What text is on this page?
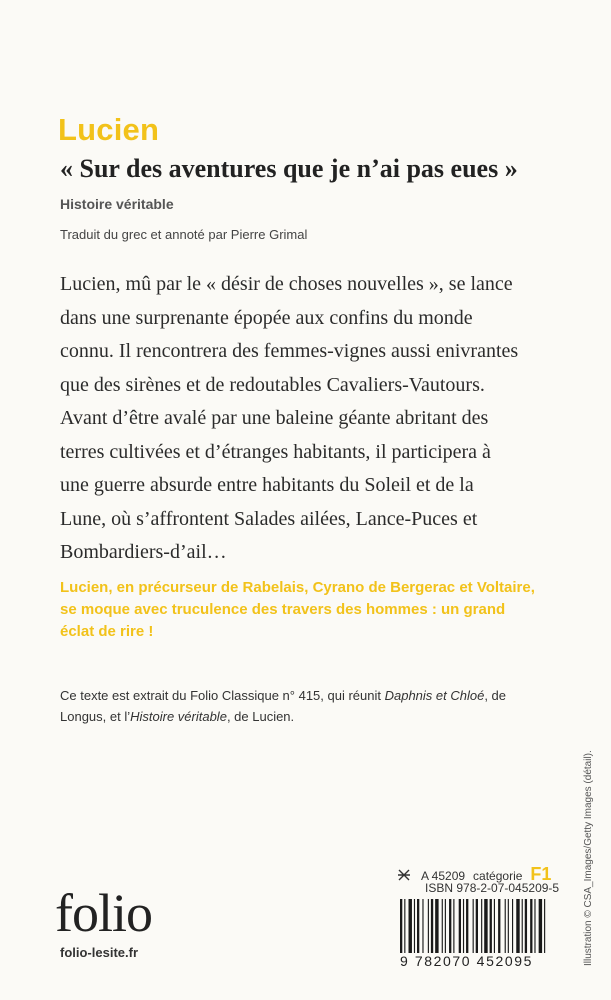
Lucien
« Sur des aventures que je n’ai pas eues »
Histoire véritable
Traduit du grec et annoté par Pierre Grimal

Lucien, mû par le « désir de choses nouvelles », se lance
dans une surprenante épopée aux confins du monde
connu. Il rencontrera des femmes-vignes aussi enivrantes
que des sirènes et de redoutables Cavaliers-Vautours.
Avant d’être avalé par une baleine géante abritant des
terres cultivées et d’étranges habitants, il participera à
une guerre absurde entre habitants du Soleil et de la
Lune, où s’affrontent Salades ailées, Lance-Puces et
Bombardiers-d’ail…

Lucien, en précurseur de Rabelais, Cyrano de Bergerac et Voltaire,
se moque avec truculence des travers des hommes : un grand
éclat de rire !

Ce texte est extrait du Folio Classique n° 415, qui réunit Daphnis et Chloé, de
Longus, et l’Histoire véritable, de Lucien.

Illustration © CSA_Images/Getty Images (détail).
folio
folio-lesite.fr
A 45209 catégorie F1
ISBN 978-2-07-045209-5
9 782070 452095
